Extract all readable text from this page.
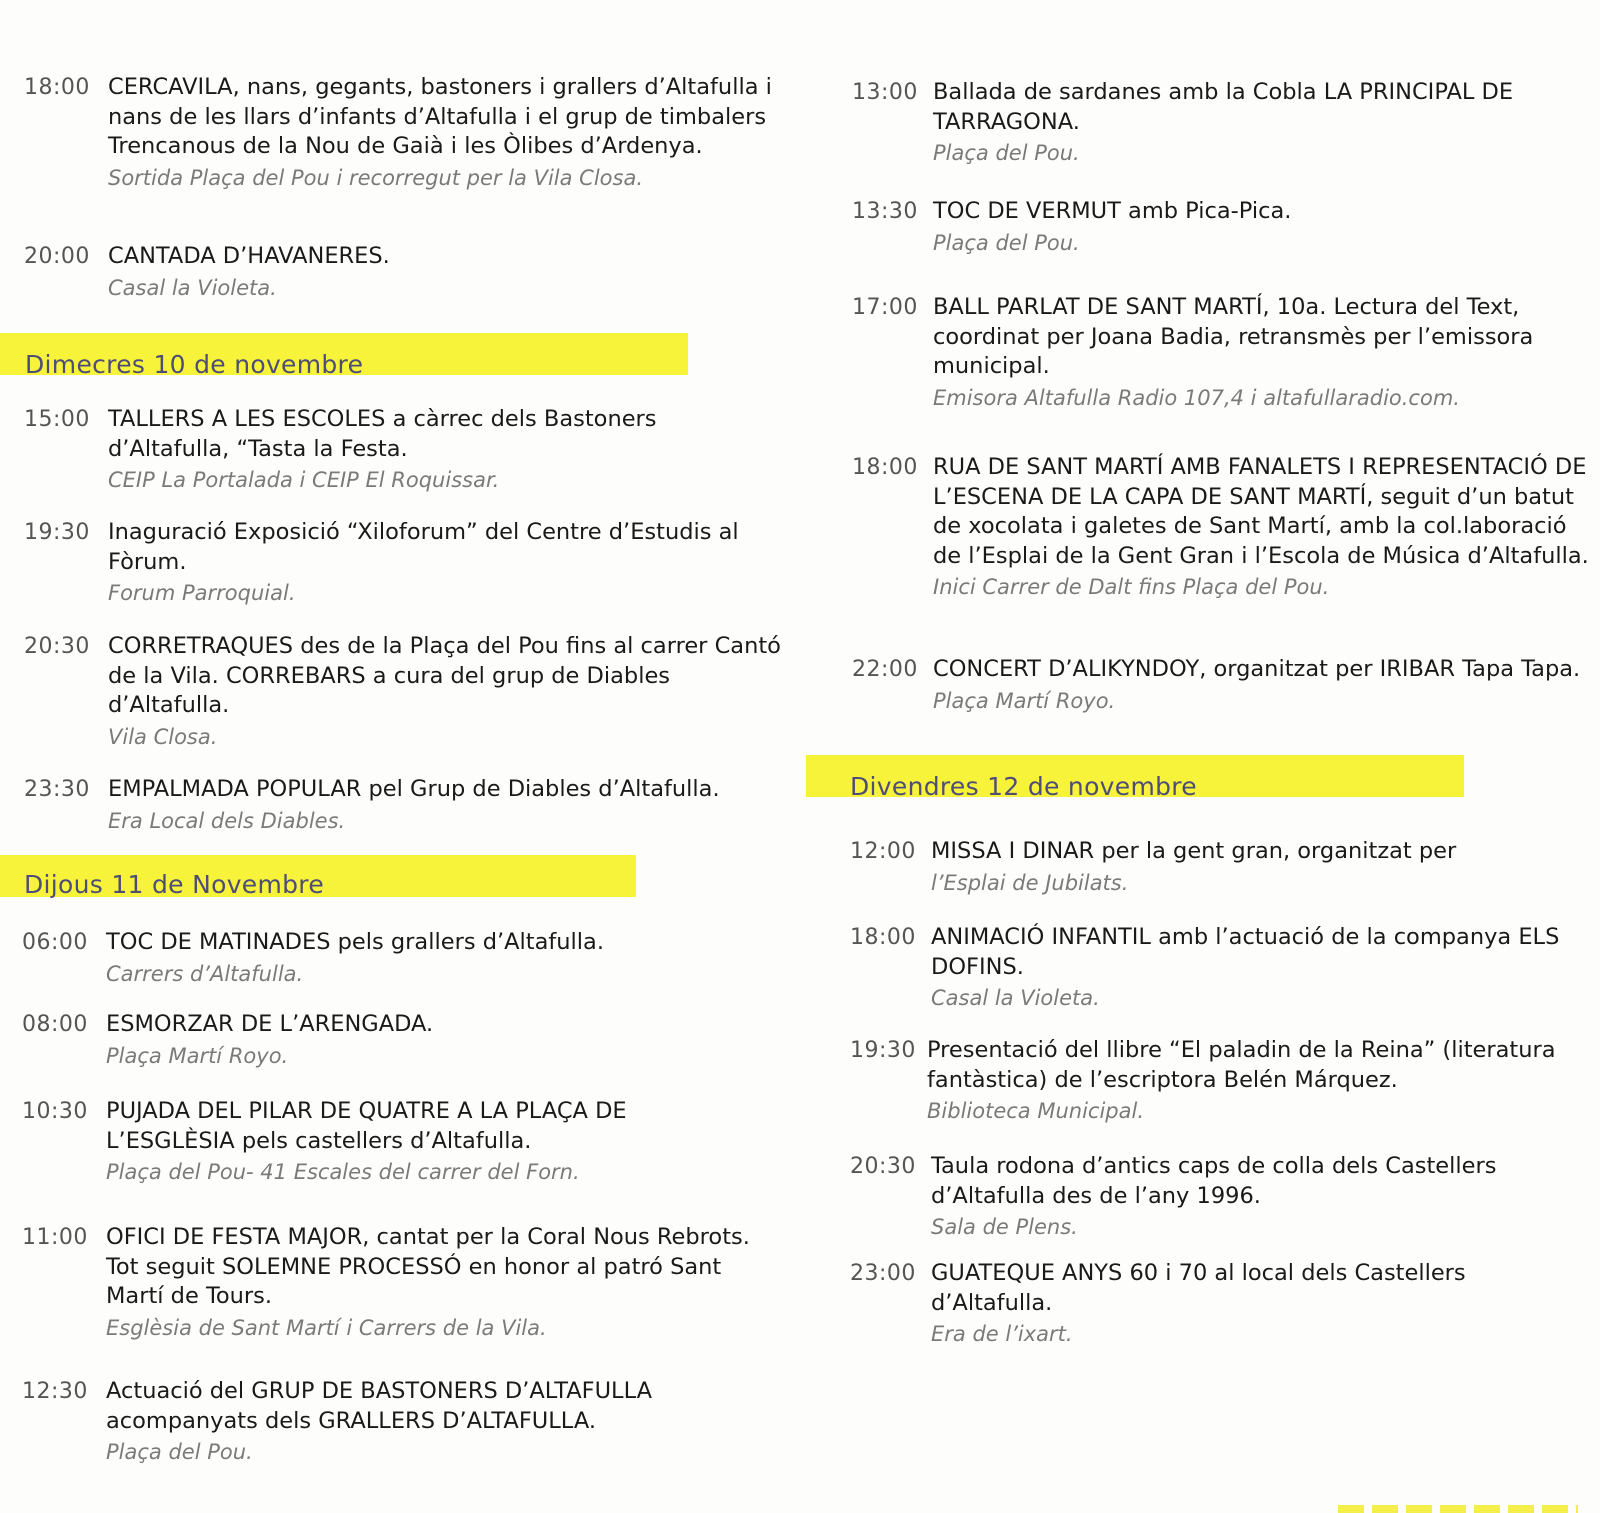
18:00 CERCAVILA, nans, gegants, bastoners i grallers d’Altafulla i nans de les llars d’infants d’Altafulla i el grup de timbalers Trencanous de la Nou de Gaià i les Òlibes d’Ardenya.
Sortida Plaça del Pou i recorregut per la Vila Closa.
20:00 CANTADA D’HAVANERES.
Casal la Violeta.
Dimecres 10 de novembre
15:00 TALLERS A LES ESCOLES a càrrec dels Bastoners d’Altafulla, “Tasta la Festa.
CEIP La Portalada i CEIP El Roquissar.
19:30 Inaguració Exposició “Xiloforum” del Centre d’Estudis al Fòrum.
Forum Parroquial.
20:30 CORRETRAQUES des de la Plaça del Pou fins al carrer Cantó de la Vila. CORREBARS a cura del grup de Diables d’Altafulla.
Vila Closa.
23:30 EMPALMADA POPULAR pel Grup de Diables d’Altafulla.
Era Local dels Diables.
Dijous 11 de Novembre
06:00 TOC DE MATINADES pels grallers d’Altafulla.
Carrers d’Altafulla.
08:00 ESMORZAR DE L’ARENGADA.
Plaça Martí Royo.
10:30 PUJADA DEL PILAR DE QUATRE A LA PLAÇA DE L’ESGLÈSIA pels castellers d’Altafulla.
Plaça del Pou- 41 Escales del carrer del Forn.
11:00 OFICI DE FESTA MAJOR, cantat per la Coral Nous Rebrots. Tot seguit SOLEMNE PROCESSÓ en honor al patró Sant Martí de Tours.
Esglèsia de Sant Martí i Carrers de la Vila.
12:30 Actuació del GRUP DE BASTONERS D’ALTAFULLA acompanyats dels GRALLERS D’ALTAFULLA.
Plaça del Pou.
13:00 Ballada de sardanes amb la Cobla LA PRINCIPAL DE TARRAGONA.
Plaça del Pou.
13:30 TOC DE VERMUT amb Pica-Pica.
Plaça del Pou.
17:00 BALL PARLAT DE SANT MARTÍ, 10a. Lectura del Text, coordinat per Joana Badia, retransmès per l’emissora municipal.
Emisora Altafulla Radio 107,4 i altafullaradio.com.
18:00 RUA DE SANT MARTÍ AMB FANALETS I REPRESENTACIÓ DE L’ESCENA DE LA CAPA DE SANT MARTÍ, seguit d’un batut de xocolata i galetes de Sant Martí, amb la col.laboració de l’Esplai de la Gent Gran i l’Escola de Música d’Altafulla.
Inici Carrer de Dalt fins Plaça del Pou.
22:00 CONCERT D’ALIKYNDOY, organitzat per IRIBAR Tapa Tapa.
Plaça Martí Royo.
Divendres 12 de novembre
12:00 MISSA I DINAR per la gent gran, organitzat per
l’Esplai de Jubilats.
18:00 ANIMACIÓ INFANTIL amb l’actuació de la companya ELS DOFINS.
Casal la Violeta.
19:30 Presentació del llibre “El paladin de la Reina” (literatura fantàstica) de l’escriptora Belén Márquez.
Biblioteca Municipal.
20:30 Taula rodona d’antics caps de colla dels Castellers d’Altafulla des de l’any 1996.
Sala de Plens.
23:00 GUATEQUE ANYS 60 i 70 al local dels Castellers d’Altafulla.
Era de l’ixart.
